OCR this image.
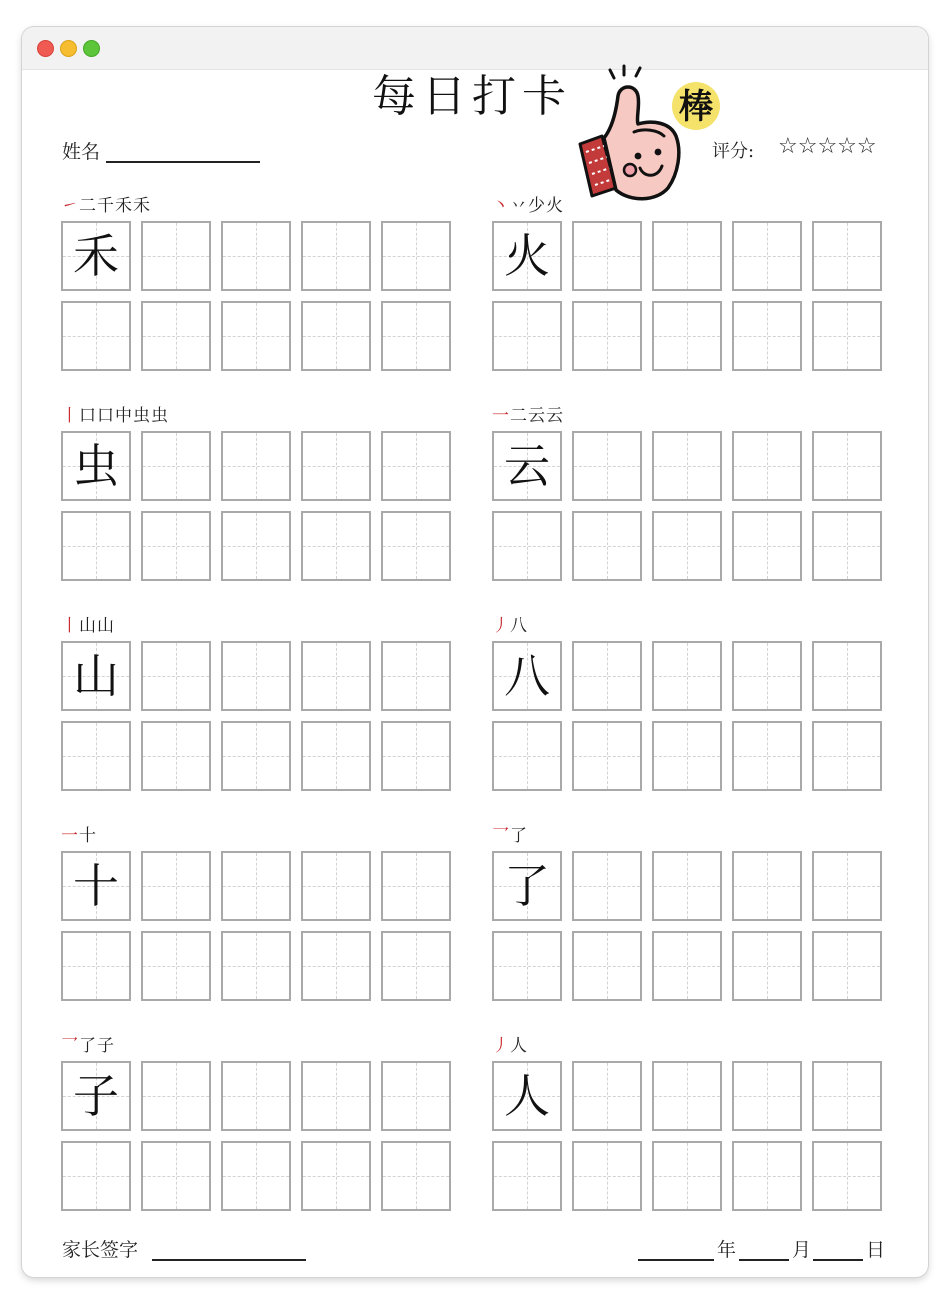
每日打卡
姓名	评分: ☆☆☆☆☆
棒
㇀二千禾禾
禾
丶丷少火
火
丨口口中虫虫
虫
一二云云
云
丨山山
山
丿八
八
一十
十
乛了
了
乛了子
子
丿人
人
家长签字	年	月	日
